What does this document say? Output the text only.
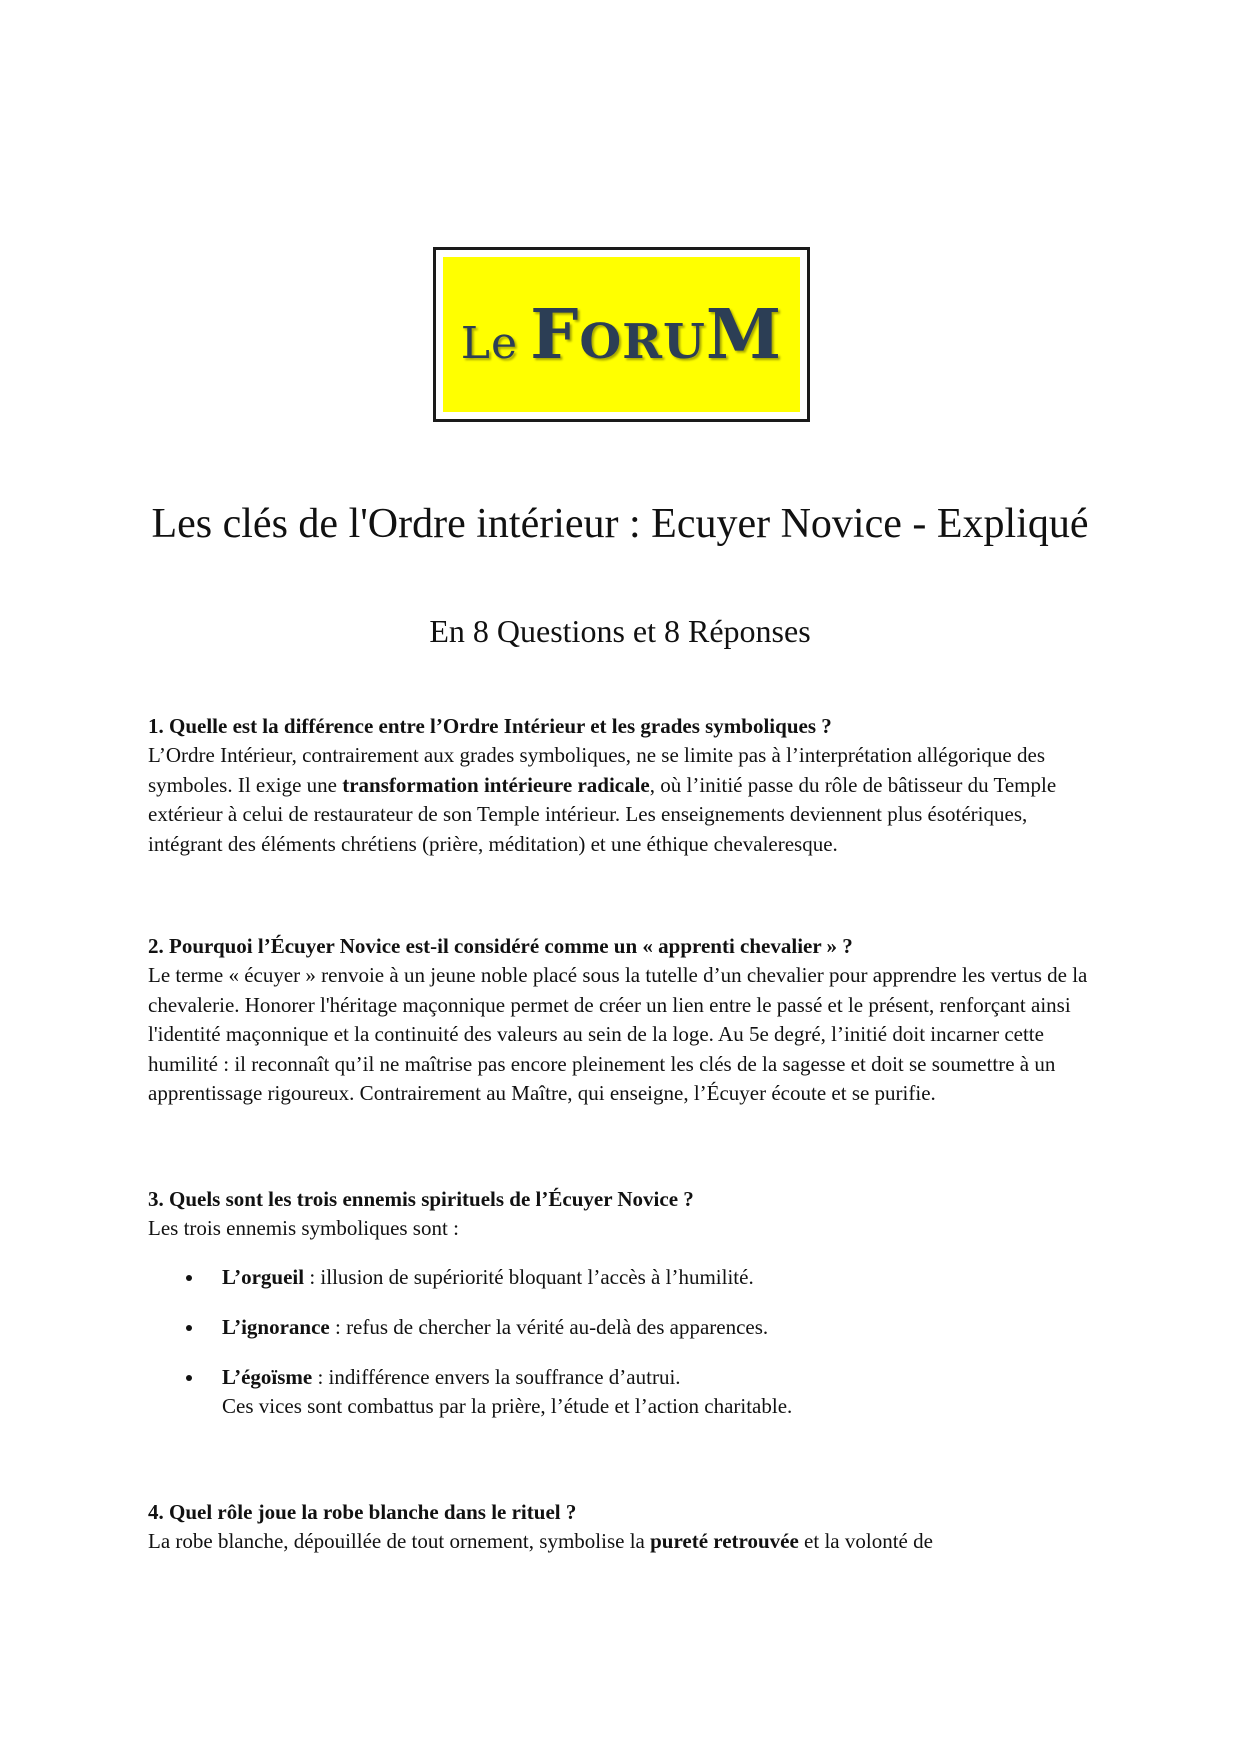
Le FORUM
Les clés de l'Ordre intérieur : Ecuyer Novice - Expliqué
En 8 Questions et 8 Réponses

1. Quelle est la différence entre l’Ordre Intérieur et les grades symboliques ?

L’Ordre Intérieur, contrairement aux grades symboliques, ne se limite pas à l’interprétation allégorique des symboles. Il exige une transformation intérieure radicale, où l’initié passe du rôle de bâtisseur du Temple extérieur à celui de restaurateur de son Temple intérieur. Les enseignements deviennent plus ésotériques, intégrant des éléments chrétiens (prière, méditation) et une éthique chevaleresque.

2. Pourquoi l’Écuyer Novice est-il considéré comme un « apprenti chevalier » ?

Le terme « écuyer » renvoie à un jeune noble placé sous la tutelle d’un chevalier pour apprendre les vertus de la chevalerie. Honorer l'héritage maçonnique permet de créer un lien entre le passé et le présent, renforçant ainsi l'identité maçonnique et la continuité des valeurs au sein de la loge. Au 5e degré, l’initié doit incarner cette humilité : il reconnaît qu’il ne maîtrise pas encore pleinement les clés de la sagesse et doit se soumettre à un apprentissage rigoureux. Contrairement au Maître, qui enseigne, l’Écuyer écoute et se purifie.

3. Quels sont les trois ennemis spirituels de l’Écuyer Novice ?

Les trois ennemis symboliques sont :

L’orgueil : illusion de supériorité bloquant l’accès à l’humilité.
L’ignorance : refus de chercher la vérité au-delà des apparences.
L’égoïsme : indifférence envers la souffrance d’autrui.
Ces vices sont combattus par la prière, l’étude et l’action charitable.

4. Quel rôle joue la robe blanche dans le rituel ?

La robe blanche, dépouillée de tout ornement, symbolise la pureté retrouvée et la volonté de
